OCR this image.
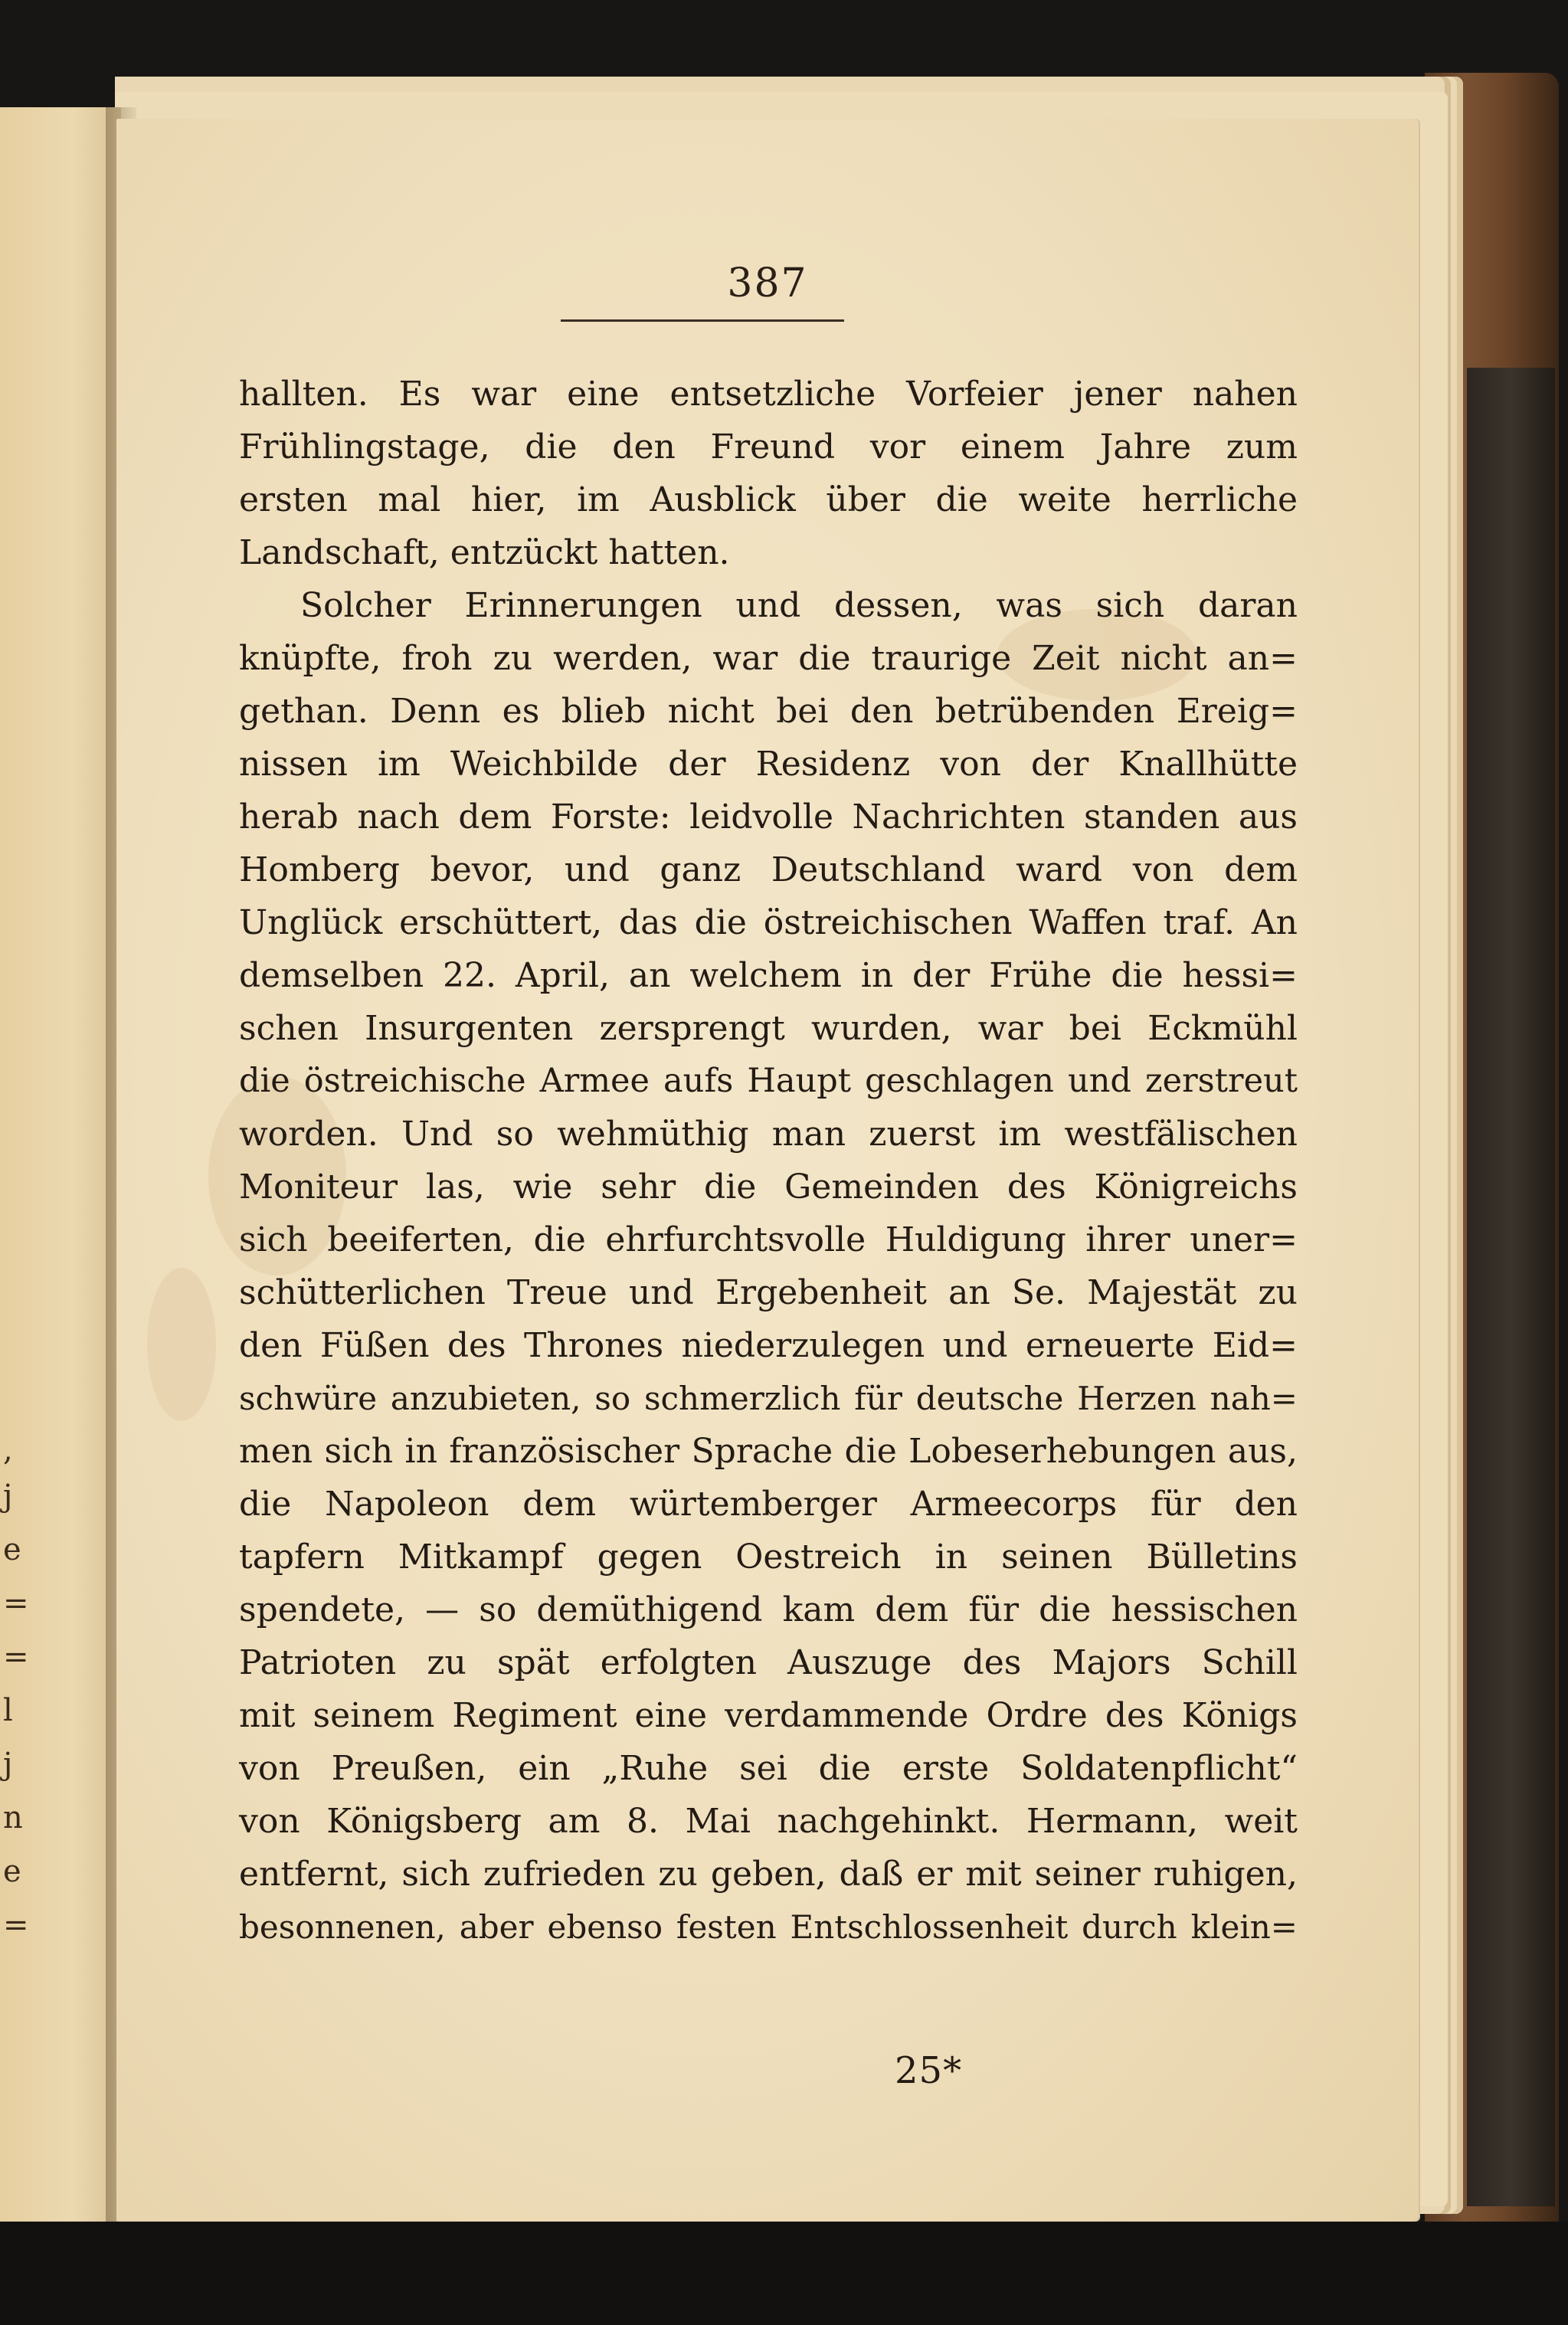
,
j
e
=
=
l
j
n
e
=
387
hallten. Es war eine entsetzliche Vorfeier jener nahen
Frühlingstage, die den Freund vor einem Jahre zum
ersten mal hier, im Ausblick über die weite herrliche
Landschaft, entzückt hatten.
Solcher Erinnerungen und dessen, was sich daran
knüpfte, froh zu werden, war die traurige Zeit nicht an=
gethan. Denn es blieb nicht bei den betrübenden Ereig=
nissen im Weichbilde der Residenz von der Knallhütte
herab nach dem Forste: leidvolle Nachrichten standen aus
Homberg bevor, und ganz Deutschland ward von dem
Unglück erschüttert, das die östreichischen Waffen traf. An
demselben 22. April, an welchem in der Frühe die hessi=
schen Insurgenten zersprengt wurden, war bei Eckmühl
die östreichische Armee aufs Haupt geschlagen und zerstreut
worden. Und so wehmüthig man zuerst im westfälischen
Moniteur las, wie sehr die Gemeinden des Königreichs
sich beeiferten, die ehrfurchtsvolle Huldigung ihrer uner=
schütterlichen Treue und Ergebenheit an Se. Majestät zu
den Füßen des Thrones niederzulegen und erneuerte Eid=
schwüre anzubieten, so schmerzlich für deutsche Herzen nah=
men sich in französischer Sprache die Lobeserhebungen aus,
die Napoleon dem würtemberger Armeecorps für den
tapfern Mitkampf gegen Oestreich in seinen Bülletins
spendete, — so demüthigend kam dem für die hessischen
Patrioten zu spät erfolgten Auszuge des Majors Schill
mit seinem Regiment eine verdammende Ordre des Königs
von Preußen, ein „Ruhe sei die erste Soldatenpflicht“
von Königsberg am 8. Mai nachgehinkt. Hermann, weit
entfernt, sich zufrieden zu geben, daß er mit seiner ruhigen,
besonnenen, aber ebenso festen Entschlossenheit durch klein=
25*
